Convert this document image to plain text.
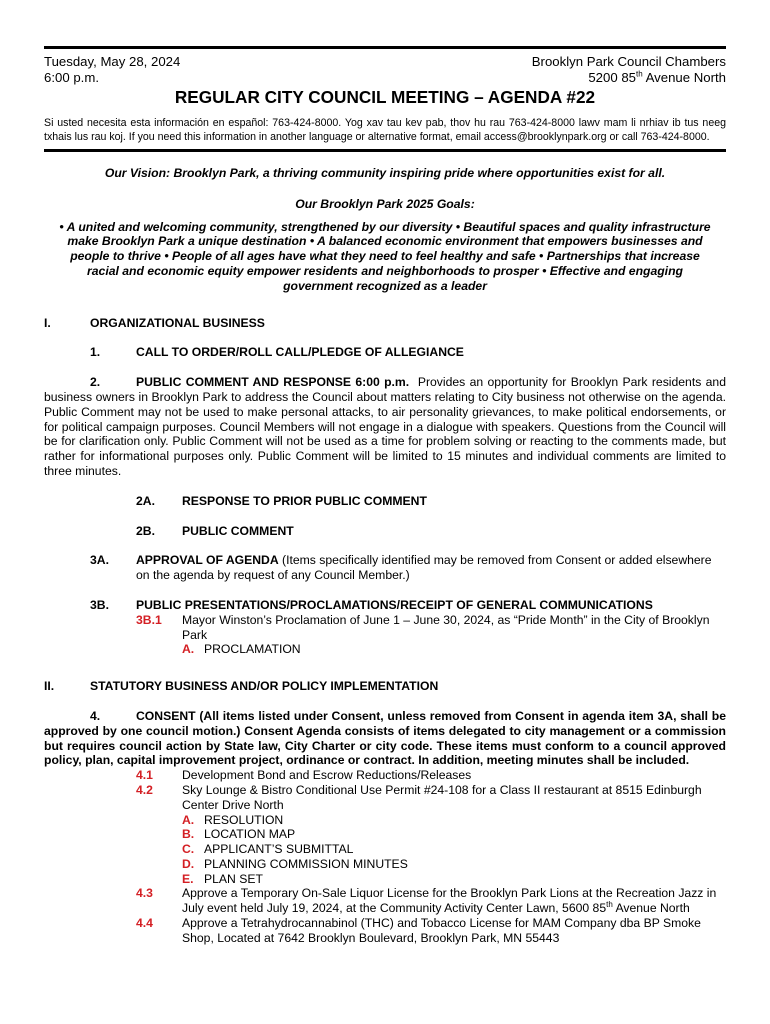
Tuesday, May 28, 2024
6:00 p.m.
Brooklyn Park Council Chambers
5200 85th Avenue North
REGULAR CITY COUNCIL MEETING – AGENDA #22
Si usted necesita esta información en español: 763-424-8000. Yog xav tau kev pab, thov hu rau 763-424-8000 lawv mam li nrhiav ib tus neeg txhais lus rau koj. If you need this information in another language or alternative format, email access@brooklynpark.org or call 763-424-8000.
Our Vision: Brooklyn Park, a thriving community inspiring pride where opportunities exist for all.
Our Brooklyn Park 2025 Goals:
• A united and welcoming community, strengthened by our diversity • Beautiful spaces and quality infrastructure make Brooklyn Park a unique destination • A balanced economic environment that empowers businesses and people to thrive • People of all ages have what they need to feel healthy and safe • Partnerships that increase racial and economic equity empower residents and neighborhoods to prosper • Effective and engaging government recognized as a leader
I.	ORGANIZATIONAL BUSINESS
1.	CALL TO ORDER/ROLL CALL/PLEDGE OF ALLEGIANCE
2.	PUBLIC COMMENT AND RESPONSE 6:00 p.m. Provides an opportunity for Brooklyn Park residents and business owners in Brooklyn Park to address the Council about matters relating to City business not otherwise on the agenda. Public Comment may not be used to make personal attacks, to air personality grievances, to make political endorsements, or for political campaign purposes. Council Members will not engage in a dialogue with speakers. Questions from the Council will be for clarification only. Public Comment will not be used as a time for problem solving or reacting to the comments made, but rather for informational purposes only. Public Comment will be limited to 15 minutes and individual comments are limited to three minutes.
2A.	RESPONSE TO PRIOR PUBLIC COMMENT
2B.	PUBLIC COMMENT
3A.	APPROVAL OF AGENDA (Items specifically identified may be removed from Consent or added elsewhere on the agenda by request of any Council Member.)
3B.	PUBLIC PRESENTATIONS/PROCLAMATIONS/RECEIPT OF GENERAL COMMUNICATIONS
3B.1	Mayor Winston’s Proclamation of June 1 – June 30, 2024, as “Pride Month” in the City of Brooklyn Park
A. PROCLAMATION
II.	STATUTORY BUSINESS AND/OR POLICY IMPLEMENTATION
4.	CONSENT (All items listed under Consent, unless removed from Consent in agenda item 3A, shall be approved by one council motion.) Consent Agenda consists of items delegated to city management or a commission but requires council action by State law, City Charter or city code. These items must conform to a council approved policy, plan, capital improvement project, ordinance or contract. In addition, meeting minutes shall be included.
4.1	Development Bond and Escrow Reductions/Releases
4.2	Sky Lounge & Bistro Conditional Use Permit #24-108 for a Class II restaurant at 8515 Edinburgh Center Drive North
A. RESOLUTION
B. LOCATION MAP
C. APPLICANT’S SUBMITTAL
D. PLANNING COMMISSION MINUTES
E. PLAN SET
4.3	Approve a Temporary On-Sale Liquor License for the Brooklyn Park Lions at the Recreation Jazz in July event held July 19, 2024, at the Community Activity Center Lawn, 5600 85th Avenue North
4.4	Approve a Tetrahydrocannabinol (THC) and Tobacco License for MAM Company dba BP Smoke Shop, Located at 7642 Brooklyn Boulevard, Brooklyn Park, MN 55443
